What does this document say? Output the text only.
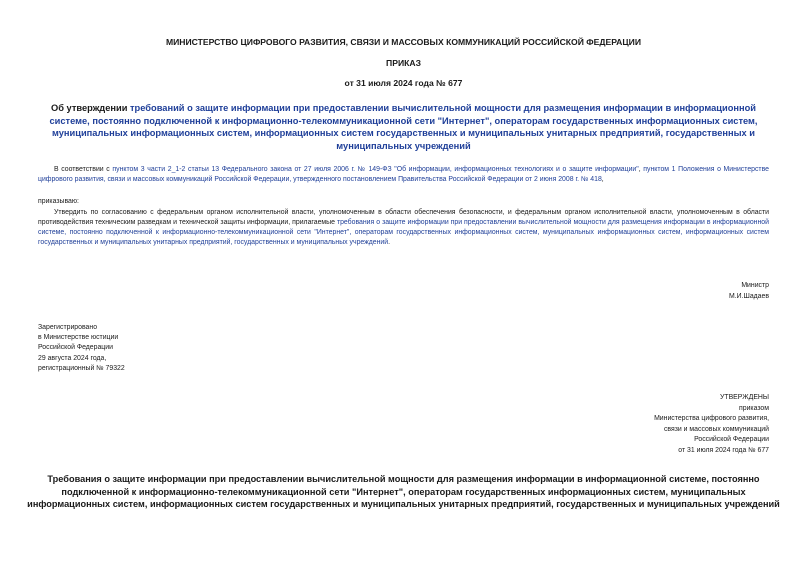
МИНИСТЕРСТВО ЦИФРОВОГО РАЗВИТИЯ, СВЯЗИ И МАССОВЫХ КОММУНИКАЦИЙ РОССИЙСКОЙ ФЕДЕРАЦИИ
ПРИКАЗ
от 31 июля 2024 года № 677
Об утверждении требований о защите информации при предоставлении вычислительной мощности для размещения информации в информационной системе, постоянно подключенной к информационно-телекоммуникационной сети "Интернет", операторам государственных информационных систем, муниципальных информационных систем, информационных систем государственных и муниципальных унитарных предприятий, государственных и муниципальных учреждений
В соответствии с пунктом 3 части 2_1-2 статьи 13 Федерального закона от 27 июля 2006 г. № 149-ФЗ "Об информации, информационных технологиях и о защите информации", пунктом 1 Положения о Министерстве цифрового развития, связи и массовых коммуникаций Российской Федерации, утвержденного постановлением Правительства Российской Федерации от 2 июня 2008 г. № 418,
приказываю:
Утвердить по согласованию с федеральным органом исполнительной власти, уполномоченным в области обеспечения безопасности, и федеральным органом исполнительной власти, уполномоченным в области противодействия техническим разведкам и технической защиты информации, прилагаемые требования о защите информации при предоставлении вычислительной мощности для размещения информации в информационной системе, постоянно подключенной к информационно-телекоммуникационной сети "Интернет", операторам государственных информационных систем, муниципальных информационных систем, информационных систем государственных и муниципальных унитарных предприятий, государственных и муниципальных учреждений.
Министр
М.И.Шадаев
Зарегистрировано
в Министерстве юстиции
Российской Федерации
29 августа 2024 года,
регистрационный № 79322
УТВЕРЖДЕНЫ
приказом
Министерства цифрового развития,
связи и массовых коммуникаций
Российской Федерации
от 31 июля 2024 года № 677
Требования о защите информации при предоставлении вычислительной мощности для размещения информации в информационной системе, постоянно
подключенной к информационно-телекоммуникационной сети "Интернет", операторам государственных информационных систем, муниципальных
информационных систем, информационных систем государственных и муниципальных унитарных предприятий, государственных и муниципальных учреждений
